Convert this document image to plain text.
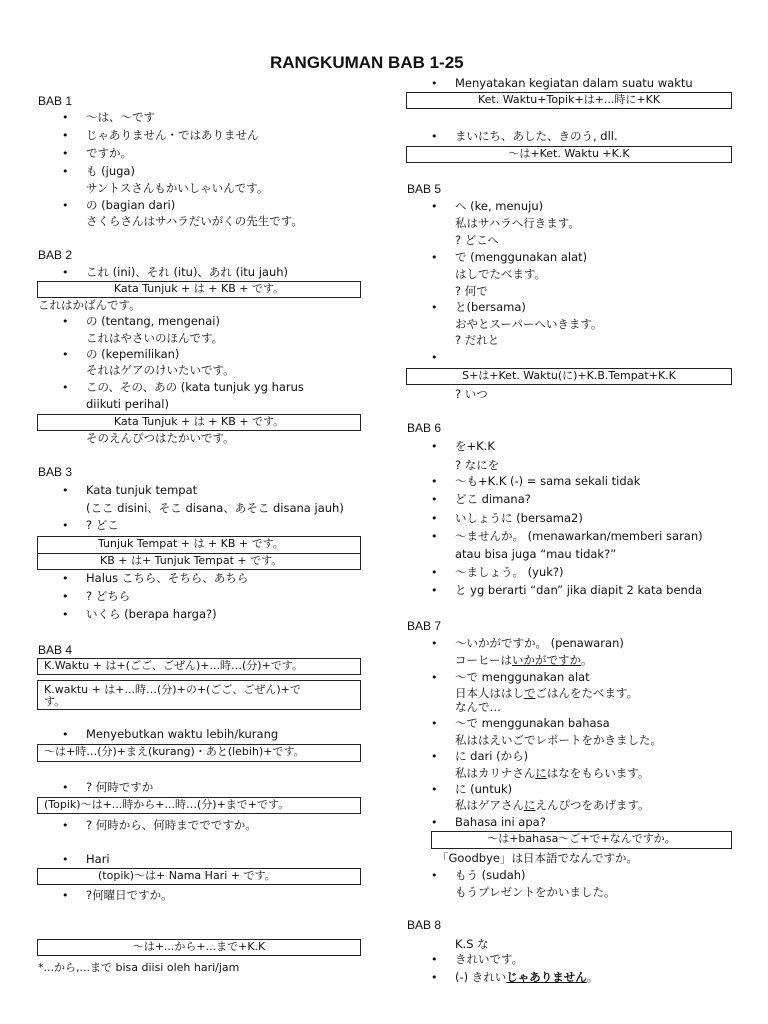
RANGKUMAN BAB 1-25
BAB 1
• 〜は、〜です
• じゃありません・ではありません
• ですか。
• も (juga)
サントスさんもかいしゃいんです。
• の (bagian dari)
さくらさんはサハラだいがくの先生です。
BAB 2
• これ (ini)、それ (itu)、あれ (itu jauh)
Kata Tunjuk + は + KB + です。
これはかばんです。
• の (tentang, mengenai)
これはやさいのほんです。
• の (kepemilikan)
それはゲアのけいたいです。
• この、その、あの (kata tunjuk yg harus
diikuti perihal)
Kata Tunjuk + は + KB + です。
そのえんぴつはたかいです。
BAB 3
• Kata tunjuk tempat
(ここ disini、そこ disana、あそこ disana jauh)
• ? どこ
Tunjuk Tempat + は + KB + です。
KB + は+ Tunjuk Tempat + です。
• Halus こちら、そちら、あちら
• ? どちら
• いくら (berapa harga?)
BAB 4
K.Waktu + は+(ごご、ごぜん)+...時…(分)+です。
K.waktu + は+...時…(分)+の+(ごご、ごぜん)+で
す。
• Menyebutkan waktu lebih/kurang
〜は+時…(分)+まえ(kurang)・あと(lebih)+です。
• ? 何時ですか
(Topik)〜は+...時から+...時…(分)+まで+です。
• ? 何時から、何時まででですか。
• Hari
(topik)〜は+ Nama Hari + です。
• ?何曜日ですか。
〜は+...から+...まで+K.K
*...から,...まで bisa diisi oleh hari/jam
• Menyatakan kegiatan dalam suatu waktu
Ket. Waktu+Topik+は+...時に+KK
• まいにち、あした、きのう, dll.
〜は+Ket. Waktu +K.K
BAB 5
• へ (ke, menuju)
私はサハラへ行きます。
? どこへ
• で (menggunakan alat)
はしでたべます。
? 何で
• と(bersama)
おやとスーパーへいきます。
? だれと
S+は+Ket. Waktu(に)+K.B.Tempat+K.K
? いつ
BAB 6
• を+K.K
? なにを
• 〜も+K.K (-) = sama sekali tidak
• どこ dimana?
• いしょうに (bersama2)
• 〜ませんか。 (menawarkan/memberi saran)
atau bisa juga “mau tidak?”
• 〜ましょう。 (yuk?)
• と yg berarti “dan” jika diapit 2 kata benda
BAB 7
• 〜いかがですか。 (penawaran)
コーヒーはいかがですか。
• 〜で menggunakan alat
日本人ははしでごはんをたべます。
なんで…
• 〜で menggunakan bahasa
私ははえいごでレポートをかきました。
• に dari (から)
私はカリナさんにはなをもらいます。
• に (untuk)
私はゲアさんにえんぴつをあげます。
• Bahasa ini apa?
〜は+bahasa〜ご+で+なんですか。
「Goodbye」は日本語でなんですか。
• もう (sudah)
もうプレゼントをかいました。
BAB 8
K.S な
• きれいです。
• (-) きれいじゃありません。
